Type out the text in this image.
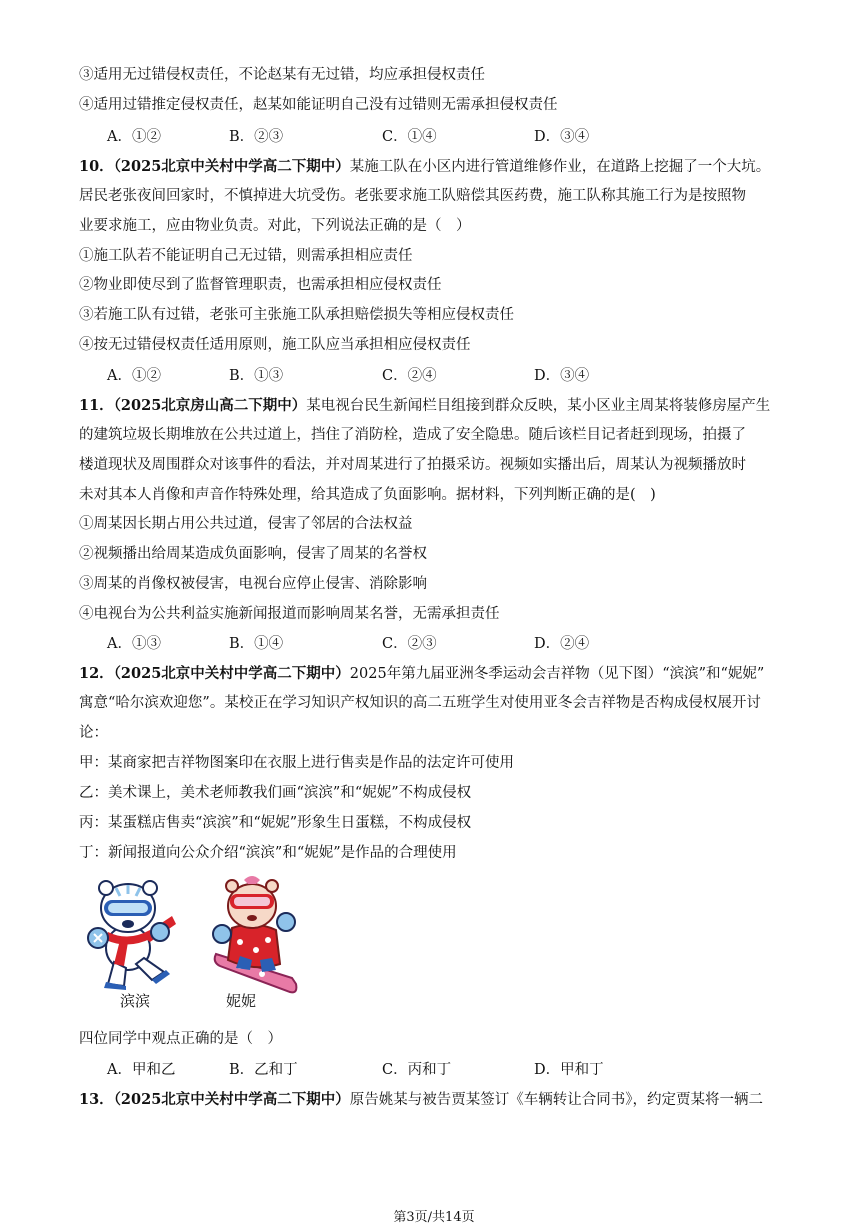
③适用无过错侵权责任，不论赵某有无过错，均应承担侵权责任
④适用过错推定侵权责任，赵某如能证明自己没有过错则无需承担侵权责任
A．①②	B．②③	C．①④	D．③④
10．（2025北京中关村中学高二下期中）某施工队在小区内进行管道维修作业，在道路上挖掘了一个大坑。
居民老张夜间回家时，不慎掉进大坑受伤。老张要求施工队赔偿其医药费，施工队称其施工行为是按照物
业要求施工，应由物业负责。对此，下列说法正确的是（　）
①施工队若不能证明自己无过错，则需承担相应责任
②物业即使尽到了监督管理职责，也需承担相应侵权责任
③若施工队有过错，老张可主张施工队承担赔偿损失等相应侵权责任
④按无过错侵权责任适用原则，施工队应当承担相应侵权责任
A．①②	B．①③	C．②④	D．③④
11．（2025北京房山高二下期中）某电视台民生新闻栏目组接到群众反映，某小区业主周某将装修房屋产生
的建筑垃圾长期堆放在公共过道上，挡住了消防栓，造成了安全隐患。随后该栏目记者赶到现场，拍摄了
楼道现状及周围群众对该事件的看法，并对周某进行了拍摄采访。视频如实播出后，周某认为视频播放时
未对其本人肖像和声音作特殊处理，给其造成了负面影响。据材料，下列判断正确的是(　)
①周某因长期占用公共过道，侵害了邻居的合法权益
②视频播出给周某造成负面影响，侵害了周某的名誉权
③周某的肖像权被侵害，电视台应停止侵害、消除影响
④电视台为公共利益实施新闻报道而影响周某名誉，无需承担责任
A．①③	B．①④	C．②③	D．②④
12．（2025北京中关村中学高二下期中）2025年第九届亚洲冬季运动会吉祥物（见下图）“滨滨”和“妮妮”
寓意“哈尔滨欢迎您”。某校正在学习知识产权知识的高二五班学生对使用亚冬会吉祥物是否构成侵权展开讨
论：
甲：某商家把吉祥物图案印在衣服上进行售卖是作品的法定许可使用
乙：美术课上，美术老师教我们画“滨滨”和“妮妮”不构成侵权
丙：某蛋糕店售卖“滨滨”和“妮妮”形象生日蛋糕，不构成侵权
丁：新闻报道向公众介绍“滨滨”和“妮妮”是作品的合理使用
滨滨	妮妮
四位同学中观点正确的是（　）
A．甲和乙	B．乙和丁	C．丙和丁	D．甲和丁
13．（2025北京中关村中学高二下期中）原告姚某与被告贾某签订《车辆转让合同书》，约定贾某将一辆二
第3页/共14页
